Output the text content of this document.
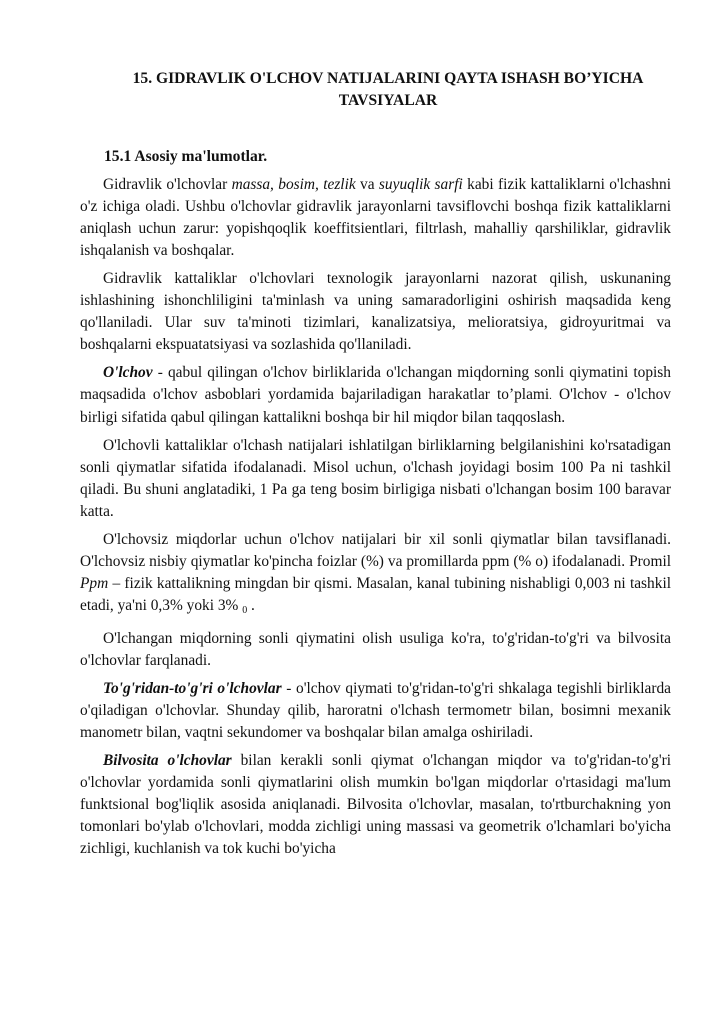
15. GIDRAVLIK O'LCHOV NATIJALARINI QAYTA ISHASH BO’YICHA
TAVSIYALAR
15.1 Asosiy ma'lumotlar.

Gidravlik o'lchovlar massa, bosim, tezlik va suyuqlik sarfi kabi fizik kattaliklarni o'lchashni o'z ichiga oladi. Ushbu o'lchovlar gidravlik jarayonlarni tavsiflovchi boshqa fizik kattaliklarni aniqlash uchun zarur: yopishqoqlik koeffitsientlari, filtrlash, mahalliy qarshiliklar, gidravlik ishqalanish va boshqalar.

Gidravlik kattaliklar o'lchovlari texnologik jarayonlarni nazorat qilish, uskunaning ishlashining ishonchliligini ta'minlash va uning samaradorligini oshirish maqsadida keng qo'llaniladi. Ular suv ta'minoti tizimlari, kanalizatsiya, melioratsiya, gidroyuritmai va boshqalarni ekspuatatsiyasi va sozlashida qo'llaniladi.

O'lchov - qabul qilingan o'lchov birliklarida o'lchangan miqdorning sonli qiymatini topish maqsadida o'lchov asboblari yordamida bajariladigan harakatlar to’plami. O'lchov - o'lchov birligi sifatida qabul qilingan kattalikni boshqa bir hil miqdor bilan taqqoslash.

O'lchovli kattaliklar o'lchash natijalari ishlatilgan birliklarning belgilanishini ko'rsatadigan sonli qiymatlar sifatida ifodalanadi. Misol uchun, o'lchash joyidagi bosim 100 Pa ni tashkil qiladi. Bu shuni anglatadiki, 1 Pa ga teng bosim birligiga nisbati o'lchangan bosim 100 baravar katta.

O'lchovsiz miqdorlar uchun o'lchov natijalari bir xil sonli qiymatlar bilan tavsiflanadi. O'lchovsiz nisbiy qiymatlar ko'pincha foizlar (%) va promillarda ppm (% o) ifodalanadi. Promil Ppm – fizik kattalikning mingdan bir qismi. Masalan, kanal tubining nishabligi 0,003 ni tashkil etadi, ya'ni 0,3% yoki 3% $_0$ .

O'lchangan miqdorning sonli qiymatini olish usuliga ko'ra, to'g'ridan-to'g'ri va bilvosita o'lchovlar farqlanadi.

To'g'ridan-to'g'ri o'lchovlar - o'lchov qiymati to'g'ridan-to'g'ri shkalaga tegishli birliklarda o'qiladigan o'lchovlar. Shunday qilib, haroratni o'lchash termometr bilan, bosimni mexanik manometr bilan, vaqtni sekundomer va boshqalar bilan amalga oshiriladi.

Bilvosita o'lchovlar bilan kerakli sonli qiymat o'lchangan miqdor va to'g'ridan-to'g'ri o'lchovlar yordamida sonli qiymatlarini olish mumkin bo'lgan miqdorlar o'rtasidagi ma'lum funktsional bog'liqlik asosida aniqlanadi. Bilvosita o'lchovlar, masalan, to'rtburchakning yon tomonlari bo'ylab o'lchovlari, modda zichligi uning massasi va geometrik o'lchamlari bo'yicha zichligi, kuchlanish va tok kuchi bo'yicha
